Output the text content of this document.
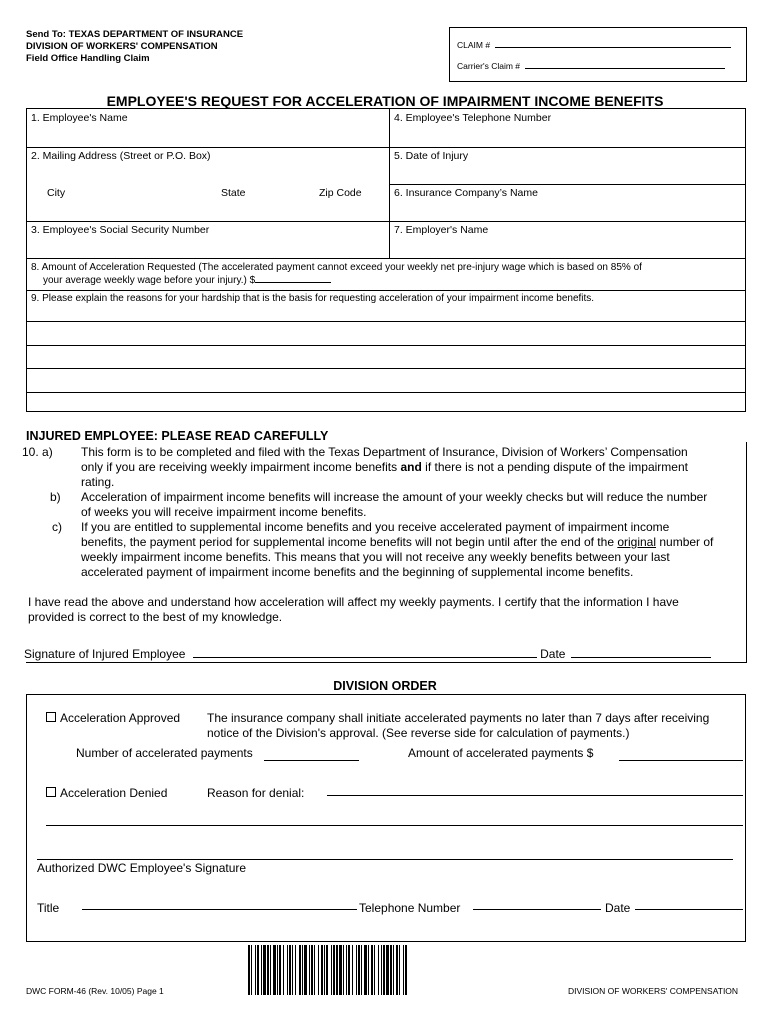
Send To: TEXAS DEPARTMENT OF INSURANCE
DIVISION OF WORKERS' COMPENSATION
Field Office Handling Claim
CLAIM #
Carrier's Claim #
EMPLOYEE'S REQUEST FOR ACCELERATION OF IMPAIRMENT INCOME BENEFITS
1. Employee's Name	4. Employee's Telephone Number
2. Mailing Address (Street or P.O. Box)	5. Date of Injury
City	State	Zip Code	6. Insurance Company’s Name
3. Employee's Social Security Number	7. Employer's Name
8. Amount of Acceleration Requested (The accelerated payment cannot exceed your weekly net pre-injury wage which is based on 85% of
your average weekly wage before your injury.) $
9. Please explain the reasons for your hardship that is the basis for requesting acceleration of your impairment income benefits.
INJURED EMPLOYEE: PLEASE READ CAREFULLY
10. a) This form is to be completed and filed with the Texas Department of Insurance, Division of Workers’ Compensation
only if you are receiving weekly impairment income benefits and if there is not a pending dispute of the impairment
rating.
b) Acceleration of impairment income benefits will increase the amount of your weekly checks but will reduce the number
of weeks you will receive impairment income benefits.
c) If you are entitled to supplemental income benefits and you receive accelerated payment of impairment income
benefits, the payment period for supplemental income benefits will not begin until after the end of the original number of
weekly impairment income benefits. This means that you will not receive any weekly benefits between your last
accelerated payment of impairment income benefits and the beginning of supplemental income benefits.
I have read the above and understand how acceleration will affect my weekly payments. I certify that the information I have
provided is correct to the best of my knowledge.
Signature of Injured Employee	Date
DIVISION ORDER
Acceleration Approved The insurance company shall initiate accelerated payments no later than 7 days after receiving
notice of the Division's approval. (See reverse side for calculation of payments.)
Number of accelerated payments	Amount of accelerated payments $
Acceleration Denied	Reason for denial:
Authorized DWC Employee's Signature
Title	Telephone Number	Date
DWC FORM-46 (Rev. 10/05) Page 1	DIVISION OF WORKERS' COMPENSATION
